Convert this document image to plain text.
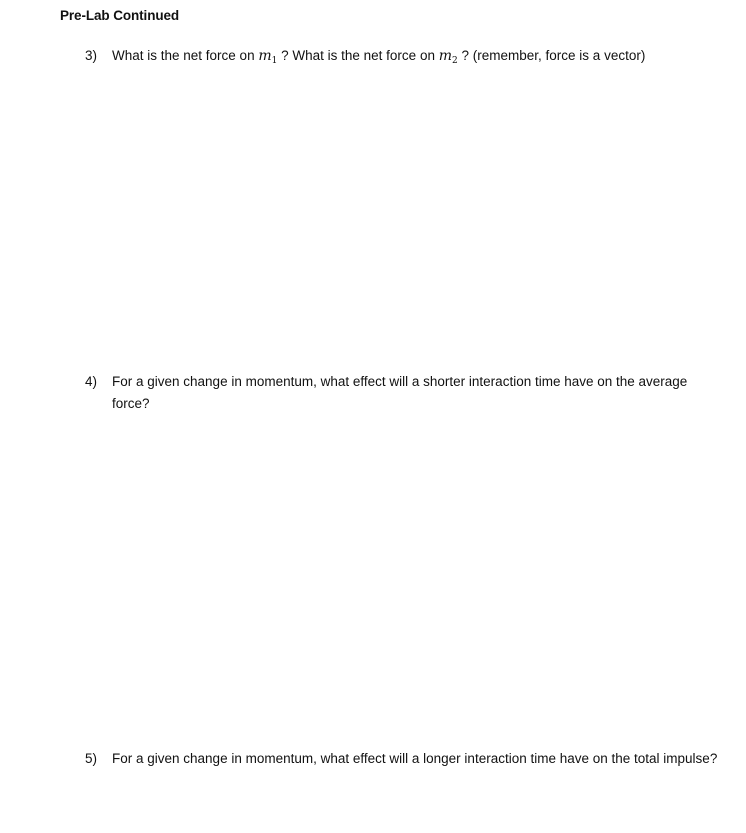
Pre-Lab Continued
3)	What is the net force on $m_1$ ? What is the net force on $m_2$ ? (remember, force is a vector)
4)	For a given change in momentum, what effect will a shorter interaction time have on the average force?
5)	For a given change in momentum, what effect will a longer interaction time have on the total impulse?
